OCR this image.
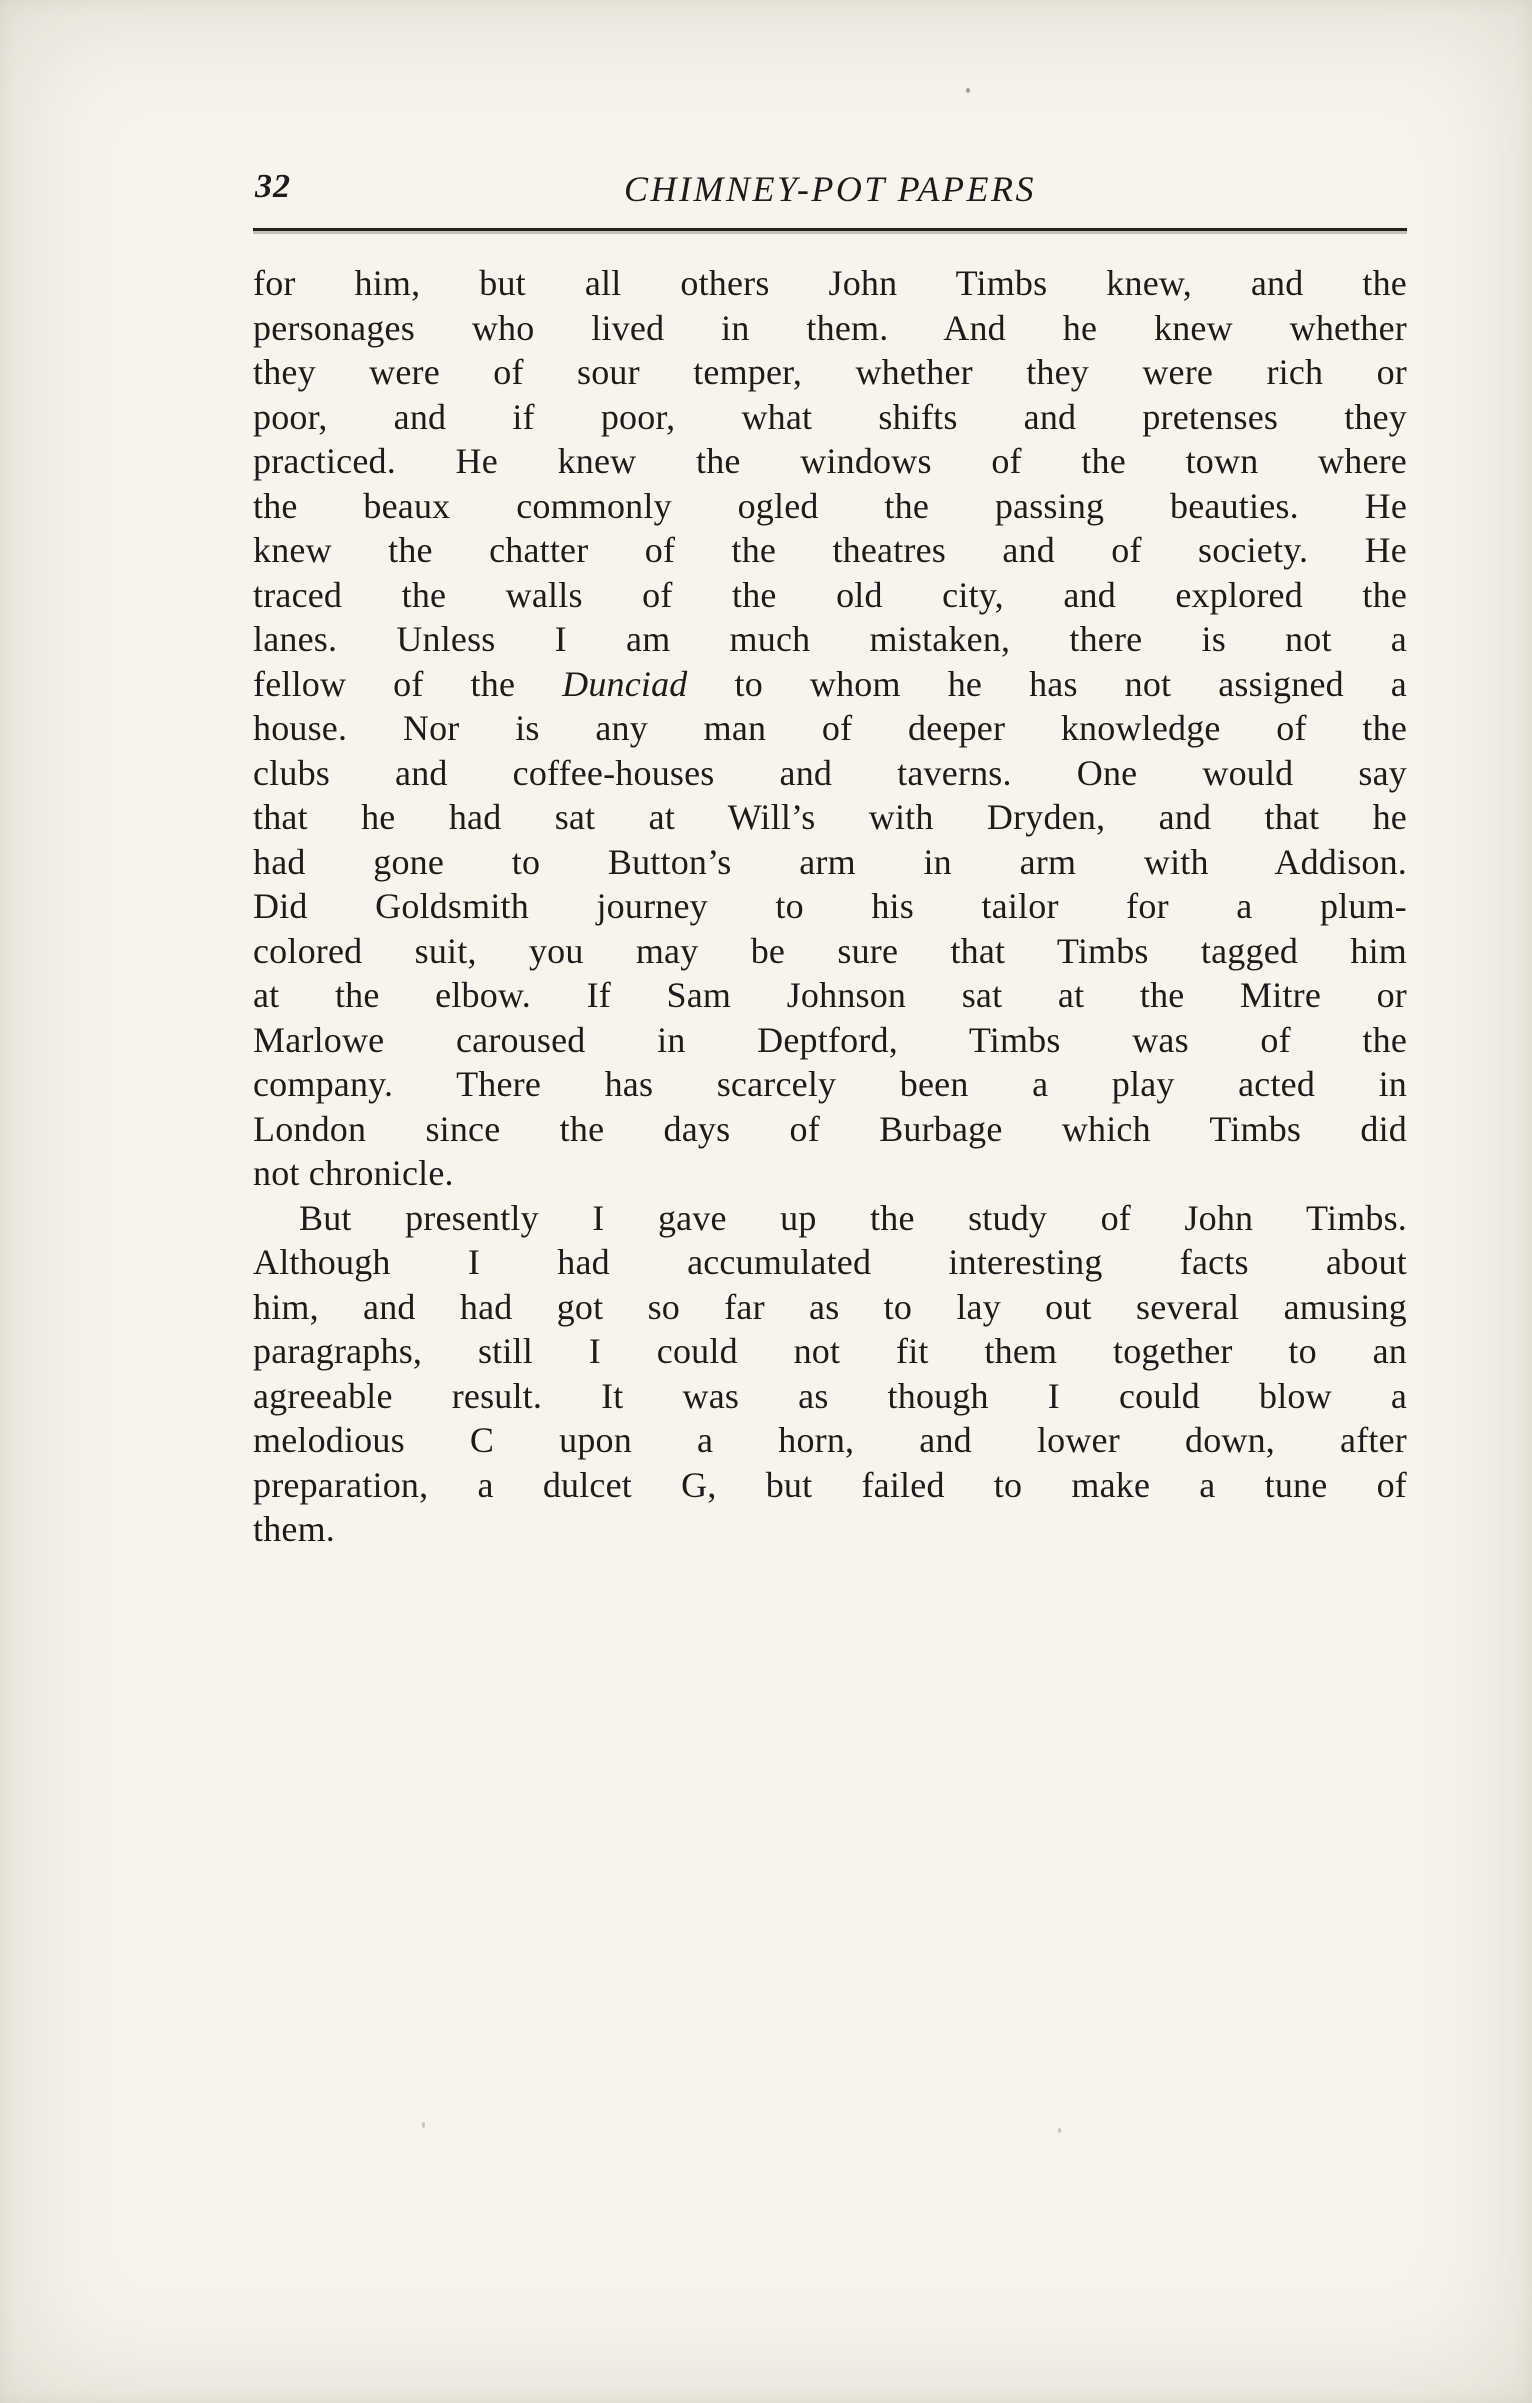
32	CHIMNEY-POT PAPERS
for him, but all others John Timbs knew, and the
personages who lived in them. And he knew whether
they were of sour temper, whether they were rich or
poor, and if poor, what shifts and pretenses they
practiced. He knew the windows of the town where
the beaux commonly ogled the passing beauties. He
knew the chatter of the theatres and of society. He
traced the walls of the old city, and explored the
lanes. Unless I am much mistaken, there is not a
fellow of the Dunciad to whom he has not assigned a
house. Nor is any man of deeper knowledge of the
clubs and coffee-houses and taverns. One would say
that he had sat at Will’s with Dryden, and that he
had gone to Button’s arm in arm with Addison.
Did Goldsmith journey to his tailor for a plum-
colored suit, you may be sure that Timbs tagged him
at the elbow. If Sam Johnson sat at the Mitre or
Marlowe caroused in Deptford, Timbs was of the
company. There has scarcely been a play acted in
London since the days of Burbage which Timbs did
not chronicle.
But presently I gave up the study of John Timbs.
Although I had accumulated interesting facts about
him, and had got so far as to lay out several amusing
paragraphs, still I could not fit them together to an
agreeable result. It was as though I could blow a
melodious C upon a horn, and lower down, after
preparation, a dulcet G, but failed to make a tune of
them.
